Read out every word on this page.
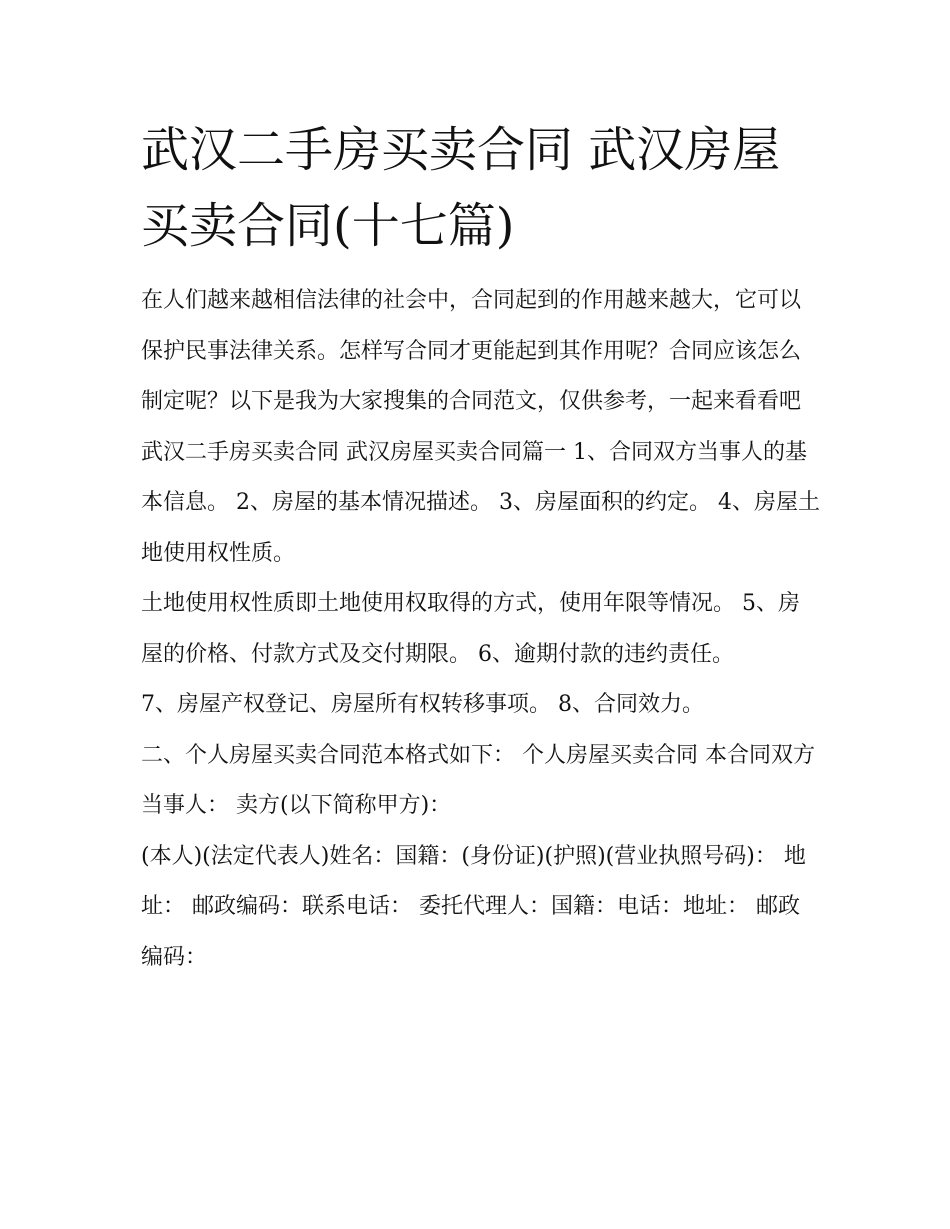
武汉二手房买卖合同 武汉房屋买卖合同(十七篇)

在人们越来越相信法律的社会中，合同起到的作用越来越大，它可以保护民事法律关系。怎样写合同才更能起到其作用呢？合同应该怎么制定呢？以下是我为大家搜集的合同范文，仅供参考，一起来看看吧

武汉二手房买卖合同 武汉房屋买卖合同篇一 1、合同双方当事人的基本信息。 2、房屋的基本情况描述。 3、房屋面积的约定。 4、房屋土地使用权性质。

土地使用权性质即土地使用权取得的方式，使用年限等情况。 5、房屋的价格、付款方式及交付期限。 6、逾期付款的违约责任。

7、房屋产权登记、房屋所有权转移事项。 8、合同效力。

二、个人房屋买卖合同范本格式如下： 个人房屋买卖合同 本合同双方当事人： 卖方(以下简称甲方)：

(本人)(法定代表人)姓名：国籍：(身份证)(护照)(营业执照号码)： 地址： 邮政编码：联系电话： 委托代理人：国籍：电话：地址： 邮政编码：
